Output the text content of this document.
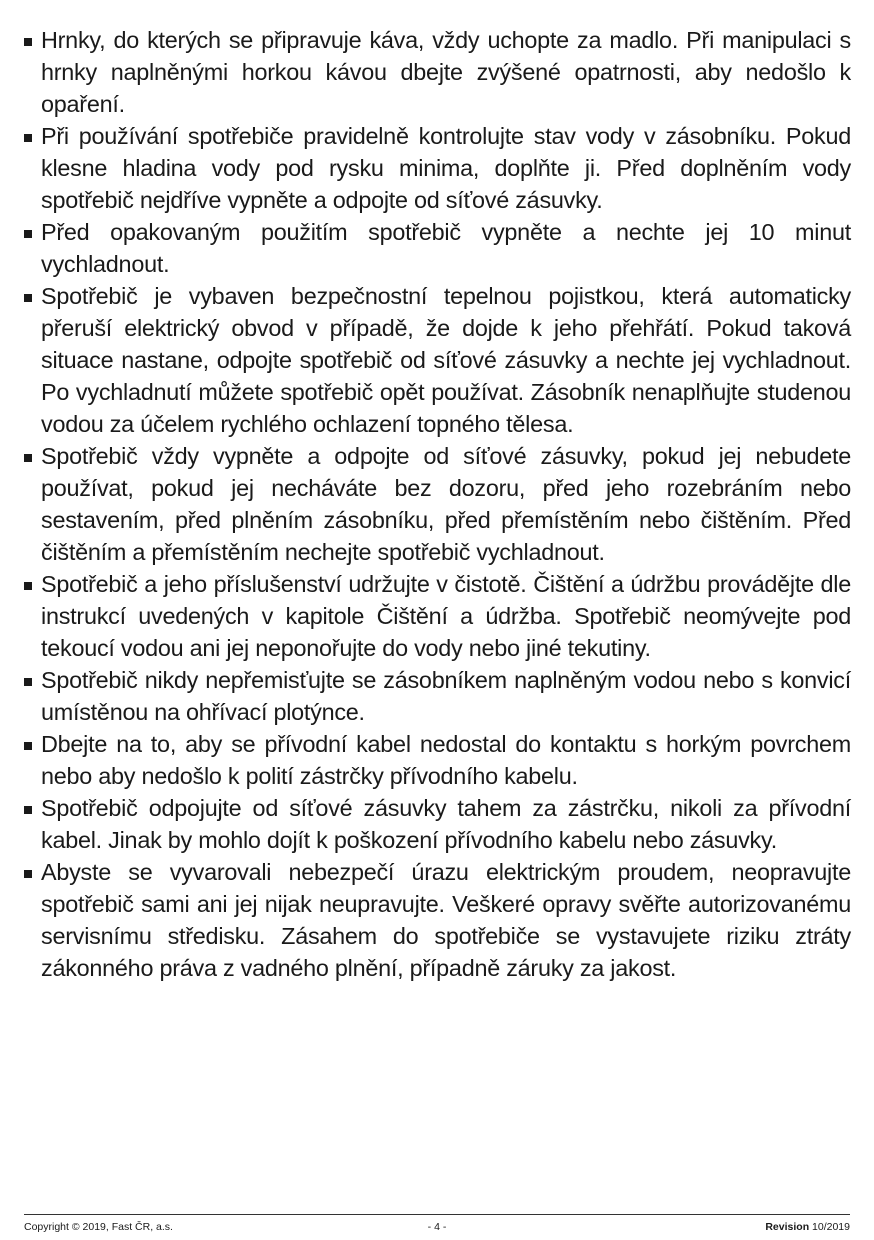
Hrnky, do kterých se připravuje káva, vždy uchopte za madlo. Při manipulaci s hrnky naplněnými horkou kávou dbejte zvýšené opatrnosti, aby nedošlo k opaření.
Při používání spotřebiče pravidelně kontrolujte stav vody v zásobníku. Pokud klesne hladina vody pod rysku minima, doplňte ji. Před doplněním vody spotřebič nejdříve vypněte a odpojte od síťové zásuvky.
Před opakovaným použitím spotřebič vypněte a nechte jej 10 minut vychladnout.
Spotřebič je vybaven bezpečnostní tepelnou pojistkou, která automaticky přeruší elektrický obvod v případě, že dojde k jeho přehřátí. Pokud taková situace nastane, odpojte spotřebič od síťové zásuvky a nechte jej vychladnout. Po vychladnutí můžete spotřebič opět používat. Zásobník nenaplňujte studenou vodou za účelem rychlého ochlazení topného tělesa.
Spotřebič vždy vypněte a odpojte od síťové zásuvky, pokud jej nebudete používat, pokud jej necháváte bez dozoru, před jeho rozebráním nebo sestavením, před plněním zásobníku, před přemístěním nebo čištěním. Před čištěním a přemístěním nechejte spotřebič vychladnout.
Spotřebič a jeho příslušenství udržujte v čistotě. Čištění a údržbu provádějte dle instrukcí uvedených v kapitole Čištění a údržba. Spotřebič neomývejte pod tekoucí vodou ani jej neponořujte do vody nebo jiné tekutiny.
Spotřebič nikdy nepřemisťujte se zásobníkem naplněným vodou nebo s konvicí umístěnou na ohřívací plotýnce.
Dbejte na to, aby se přívodní kabel nedostal do kontaktu s horkým povrchem nebo aby nedošlo k polití zástrčky přívodního kabelu.
Spotřebič odpojujte od síťové zásuvky tahem za zástrčku, nikoli za přívodní kabel. Jinak by mohlo dojít k poškození přívodního kabelu nebo zásuvky.
Abyste se vyvarovali nebezpečí úrazu elektrickým proudem, neopravujte spotřebič sami ani jej nijak neupravujte. Veškeré opravy svěřte autorizovanému servisnímu středisku. Zásahem do spotřebiče se vystavujete riziku ztráty zákonného práva z vadného plnění, případně záruky za jakost.
Copyright © 2019, Fast ČR, a.s.	- 4 -	Revision 10/2019
